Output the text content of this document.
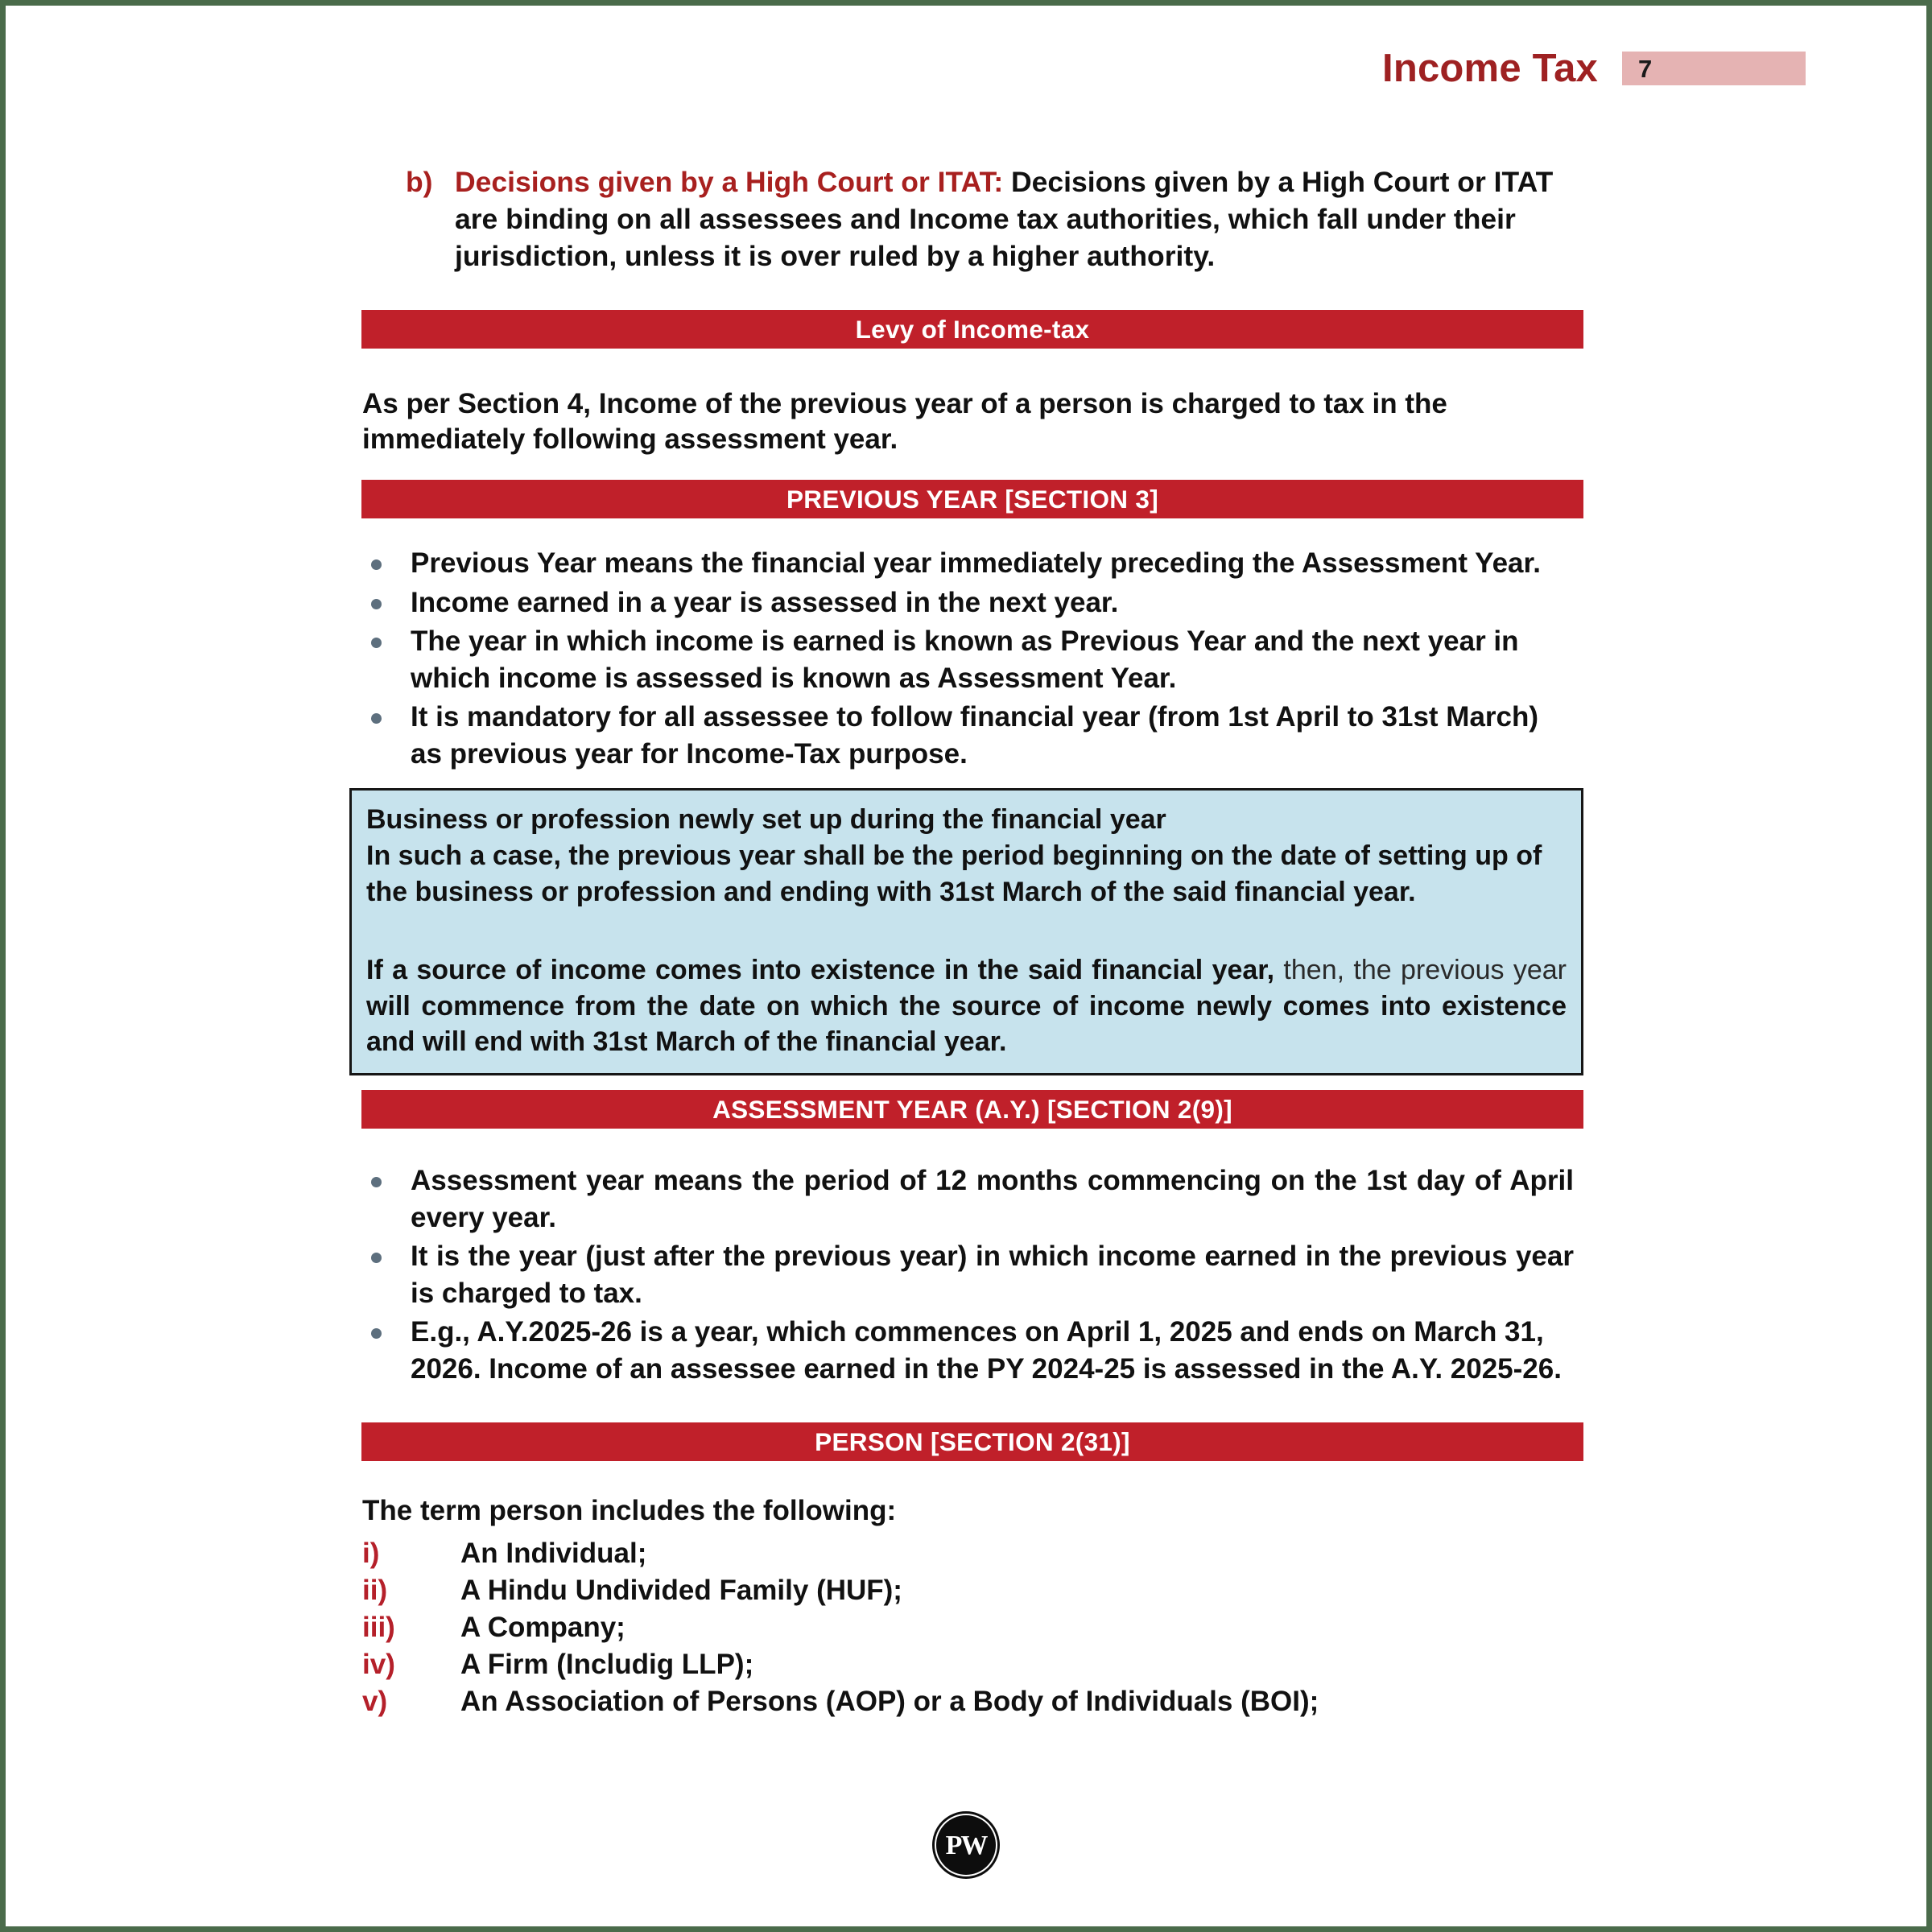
Income Tax	7
b) Decisions given by a High Court or ITAT: Decisions given by a High Court or ITAT are binding on all assessees and Income tax authorities, which fall under their jurisdiction, unless it is over ruled by a higher authority.
Levy of Income-tax
As per Section 4, Income of the previous year of a person is charged to tax in the immediately following assessment year.
PREVIOUS YEAR [SECTION 3]
Previous Year means the financial year immediately preceding the Assessment Year.
Income earned in a year is assessed in the next year.
The year in which income is earned is known as Previous Year and the next year in which income is assessed is known as Assessment Year.
It is mandatory for all assessee to follow financial year (from 1st April to 31st March) as previous year for Income-Tax purpose.

Business or profession newly set up during the financial year

In such a case, the previous year shall be the period beginning on the date of setting up of the business or profession and ending with 31st March of the said financial year.

If a source of income comes into existence in the said financial year, then, the previous year will commence from the date on which the source of income newly comes into existence and will end with 31st March of the financial year.

ASSESSMENT YEAR (A.Y.) [SECTION 2(9)]
Assessment year means the period of 12 months commencing on the 1st day of April every year.
It is the year (just after the previous year) in which income earned in the previous year is charged to tax.
E.g., A.Y.2025-26 is a year, which commences on April 1, 2025 and ends on March 31, 2026. Income of an assessee earned in the PY 2024-25 is assessed in the A.Y. 2025-26.
PERSON [SECTION 2(31)]
The term person includes the following:
i)	An Individual;
ii)	A Hindu Undivided Family (HUF);
iii)	A Company;
iv)	A Firm (Includig LLP);
v)	An Association of Persons (AOP) or a Body of Individuals (BOI);
PW
